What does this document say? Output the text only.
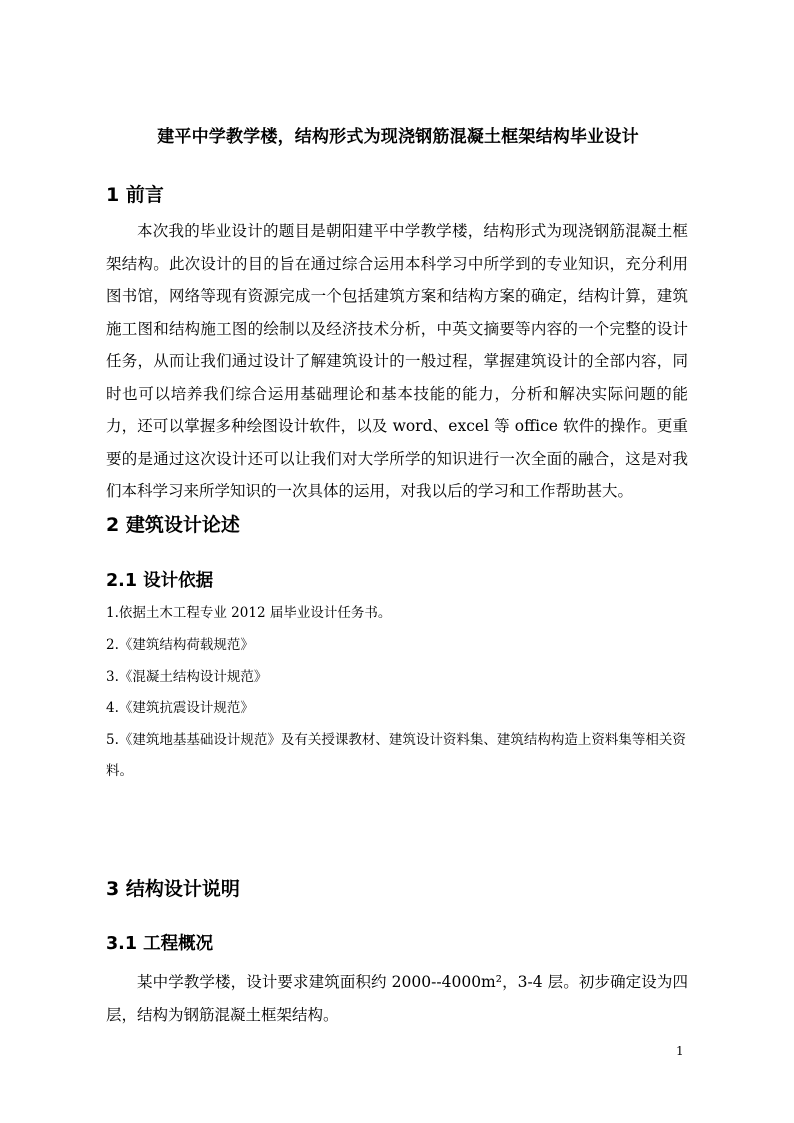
建平中学教学楼，结构形式为现浇钢筋混凝土框架结构毕业设计
1 前言
本次我的毕业设计的题目是朝阳建平中学教学楼，结构形式为现浇钢筋混凝土框架结构。此次设计的目的旨在通过综合运用本科学习中所学到的专业知识，充分利用图书馆，网络等现有资源完成一个包括建筑方案和结构方案的确定，结构计算，建筑施工图和结构施工图的绘制以及经济技术分析，中英文摘要等内容的一个完整的设计任务，从而让我们通过设计了解建筑设计的一般过程，掌握建筑设计的全部内容，同时也可以培养我们综合运用基础理论和基本技能的能力，分析和解决实际问题的能力，还可以掌握多种绘图设计软件，以及 word、excel 等 office 软件的操作。更重要的是通过这次设计还可以让我们对大学所学的知识进行一次全面的融合，这是对我们本科学习来所学知识的一次具体的运用，对我以后的学习和工作帮助甚大。
2 建筑设计论述
2.1 设计依据
1.依据土木工程专业 2012 届毕业设计任务书。
2.《建筑结构荷载规范》
3.《混凝土结构设计规范》
4.《建筑抗震设计规范》
5.《建筑地基基础设计规范》及有关授课教材、建筑设计资料集、建筑结构构造上资料集等相关资料。
3 结构设计说明
3.1 工程概况
某中学教学楼，设计要求建筑面积约 2000--4000m²，3-4 层。初步确定设为四层，结构为钢筋混凝土框架结构。
1
